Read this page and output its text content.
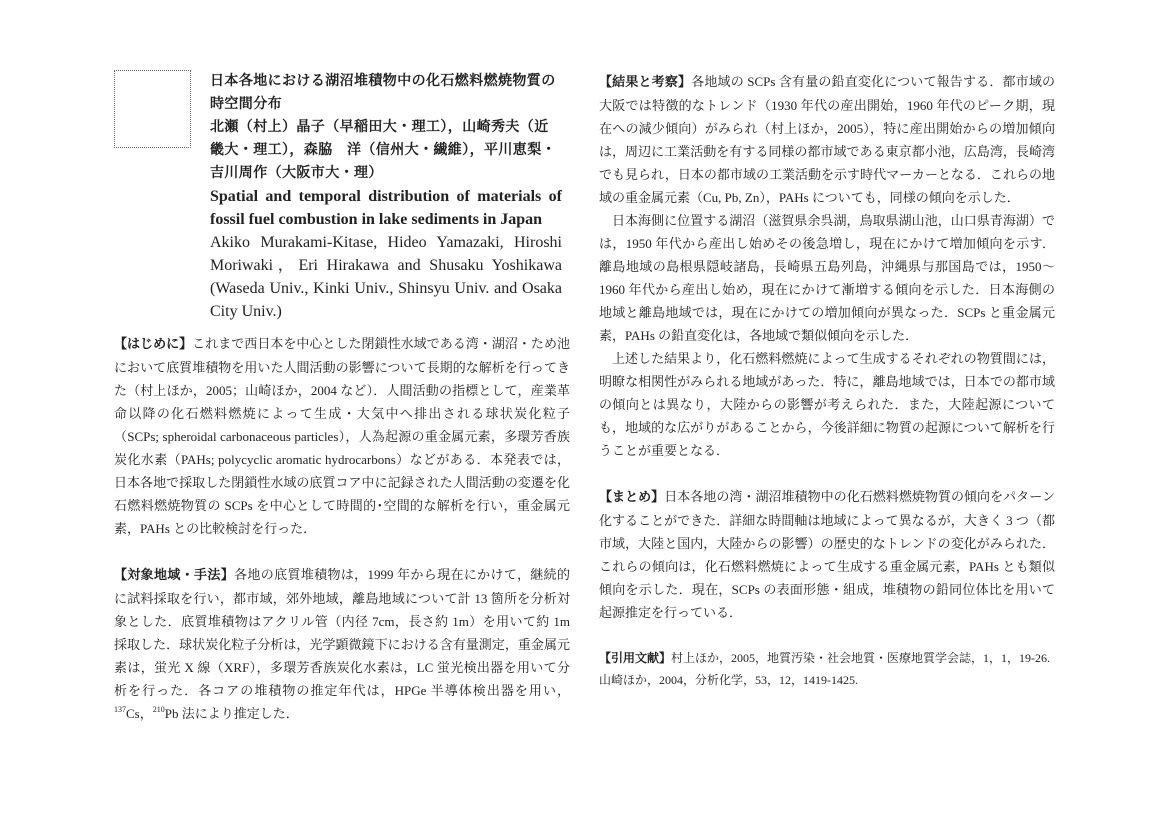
日本各地における湖沼堆積物中の化石燃料燃焼物質の時空間分布
北瀬（村上）晶子（早稲田大・理工），山崎秀夫（近畿大・理工），森脇　洋（信州大・繊維），平川恵梨・吉川周作（大阪市大・理）
Spatial and temporal distribution of materials of fossil fuel combustion in lake sediments in Japan
Akiko Murakami-Kitase, Hideo Yamazaki, Hiroshi Moriwaki，Eri Hirakawa and Shusaku Yoshikawa (Waseda Univ., Kinki Univ., Shinsyu Univ. and Osaka City Univ.)

【はじめに】これまで西日本を中心とした閉鎖性水域である湾・湖沼・ため池において底質堆積物を用いた人間活動の影響について長期的な解析を行ってきた（村上ほか，2005；山崎ほか，2004 など）．人間活動の指標として，産業革命以降の化石燃料燃焼によって生成・大気中へ排出される球状炭化粒子（SCPs; spheroidal carbonaceous particles），人為起源の重金属元素，多環芳香族炭化水素（PAHs; polycyclic aromatic hydrocarbons）などがある．本発表では，日本各地で採取した閉鎖性水域の底質コア中に記録された人間活動の変遷を化石燃料燃焼物質の SCPs を中心として時間的･空間的な解析を行い，重金属元素，PAHs との比較検討を行った．

【対象地域・手法】各地の底質堆積物は，1999 年から現在にかけて，継続的に試料採取を行い，都市域，郊外地域，離島地域について計 13 箇所を分析対象とした．底質堆積物はアクリル管（内径 7cm，長さ約 1m）を用いて約 1m 採取した．球状炭化粒子分析は，光学顕微鏡下における含有量測定，重金属元素は，蛍光 X 線（XRF），多環芳香族炭化水素は，LC 蛍光検出器を用いて分析を行った．各コアの堆積物の推定年代は，HPGe 半導体検出器を用い，$^{137}$Cs，$^{210}$Pb 法により推定した．

【結果と考察】各地域の SCPs 含有量の鉛直変化について報告する．都市域の大阪では特徴的なトレンド（1930 年代の産出開始，1960 年代のピーク期，現在への減少傾向）がみられ（村上ほか，2005），特に産出開始からの増加傾向は，周辺に工業活動を有する同様の都市域である東京都小池，広島湾，長崎湾でも見られ，日本の都市域の工業活動を示す時代マーカーとなる．これらの地域の重金属元素（Cu, Pb, Zn），PAHs についても，同様の傾向を示した．

日本海側に位置する湖沼（滋賀県余呉湖，鳥取県湖山池，山口県青海湖）では，1950 年代から産出し始めその後急増し，現在にかけて増加傾向を示す．離島地域の島根県隠岐諸島，長崎県五島列島，沖縄県与那国島では，1950～1960 年代から産出し始め，現在にかけて漸増する傾向を示した．日本海側の地域と離島地域では，現在にかけての増加傾向が異なった．SCPs と重金属元素，PAHs の鉛直変化は，各地域で類似傾向を示した．

上述した結果より，化石燃料燃焼によって生成するそれぞれの物質間には，明瞭な相関性がみられる地域があった．特に，離島地域では，日本での都市域の傾向とは異なり，大陸からの影響が考えられた．また，大陸起源についても，地域的な広がりがあることから，今後詳細に物質の起源について解析を行うことが重要となる．

【まとめ】日本各地の湾・湖沼堆積物中の化石燃料燃焼物質の傾向をパターン化することができた．詳細な時間軸は地域によって異なるが，大きく 3 つ（都市域，大陸と国内，大陸からの影響）の歴史的なトレンドの変化がみられた．これらの傾向は，化石燃料燃焼によって生成する重金属元素，PAHs とも類似傾向を示した．現在，SCPs の表面形態・組成，堆積物の鉛同位体比を用いて起源推定を行っている．

【引用文献】村上ほか，2005，地質汚染・社会地質・医療地質学会誌，1，1，19-26.

山崎ほか，2004，分析化学，53，12，1419-1425.
